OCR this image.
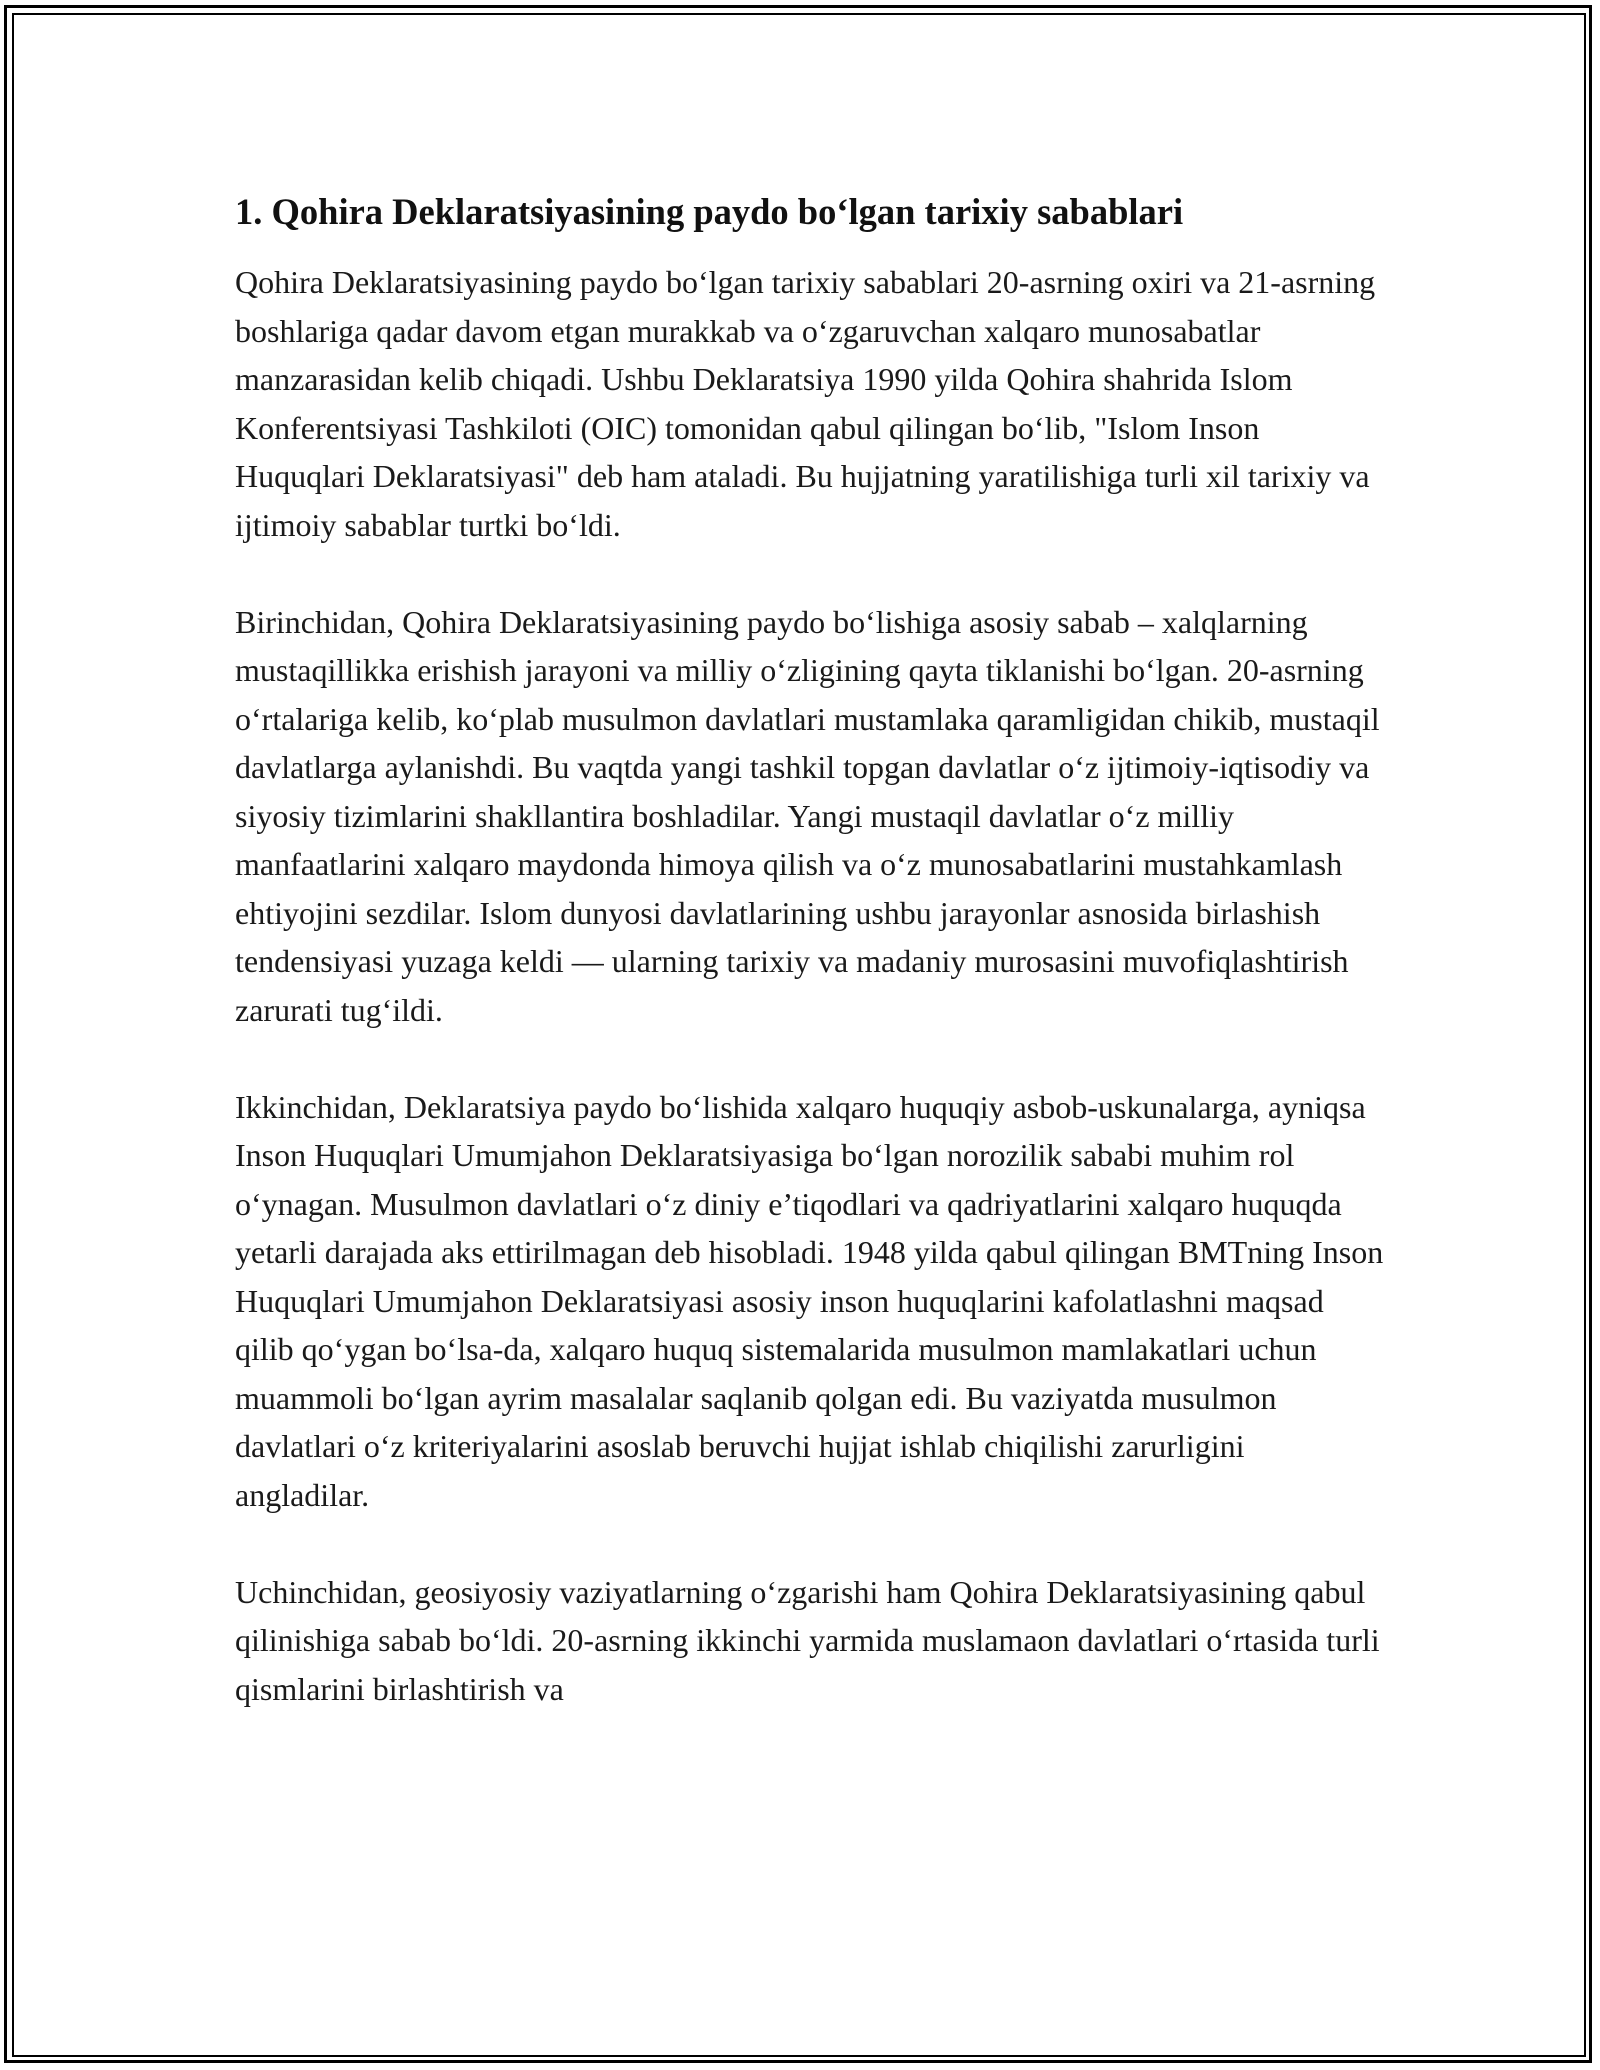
1. Qohira Deklaratsiyasining paydo bo‘lgan tarixiy sabablari

Qohira Deklaratsiyasining paydo bo‘lgan tarixiy sabablari 20-asrning oxiri va 21-asrning boshlariga qadar davom etgan murakkab va o‘zgaruvchan xalqaro munosabatlar manzarasidan kelib chiqadi. Ushbu Deklaratsiya 1990 yilda Qohira shahrida Islom Konferentsiyasi Tashkiloti (OIC) tomonidan qabul qilingan bo‘lib, "Islom Inson Huquqlari Deklaratsiyasi" deb ham ataladi. Bu hujjatning yaratilishiga turli xil tarixiy va ijtimoiy sabablar turtki bo‘ldi.

Birinchidan, Qohira Deklaratsiyasining paydo bo‘lishiga asosiy sabab – xalqlarning mustaqillikka erishish jarayoni va milliy o‘zligining qayta tiklanishi bo‘lgan. 20-asrning o‘rtalariga kelib, ko‘plab musulmon davlatlari mustamlaka qaramligidan chikib, mustaqil davlatlarga aylanishdi. Bu vaqtda yangi tashkil topgan davlatlar o‘z ijtimoiy-iqtisodiy va siyosiy tizimlarini shakllantira boshladilar. Yangi mustaqil davlatlar o‘z milliy manfaatlarini xalqaro maydonda himoya qilish va o‘z munosabatlarini mustahkamlash ehtiyojini sezdilar. Islom dunyosi davlatlarining ushbu jarayonlar asnosida birlashish tendensiyasi yuzaga keldi — ularning tarixiy va madaniy murosasini muvofiqlashtirish zarurati tug‘ildi.

Ikkinchidan, Deklaratsiya paydo bo‘lishida xalqaro huquqiy asbob-uskunalarga, ayniqsa Inson Huquqlari Umumjahon Deklaratsiyasiga bo‘lgan norozilik sababi muhim rol o‘ynagan. Musulmon davlatlari o‘z diniy e’tiqodlari va qadriyatlarini xalqaro huquqda yetarli darajada aks ettirilmagan deb hisobladi. 1948 yilda qabul qilingan BMTning Inson Huquqlari Umumjahon Deklaratsiyasi asosiy inson huquqlarini kafolatlashni maqsad qilib qo‘ygan bo‘lsa-da, xalqaro huquq sistemalarida musulmon mamlakatlari uchun muammoli bo‘lgan ayrim masalalar saqlanib qolgan edi. Bu vaziyatda musulmon davlatlari o‘z kriteriyalarini asoslab beruvchi hujjat ishlab chiqilishi zarurligini angladilar.

Uchinchidan, geosiyosiy vaziyatlarning o‘zgarishi ham Qohira Deklaratsiyasining qabul qilinishiga sabab bo‘ldi. 20-asrning ikkinchi yarmida muslamaon davlatlari o‘rtasida turli qismlarini birlashtirish va
